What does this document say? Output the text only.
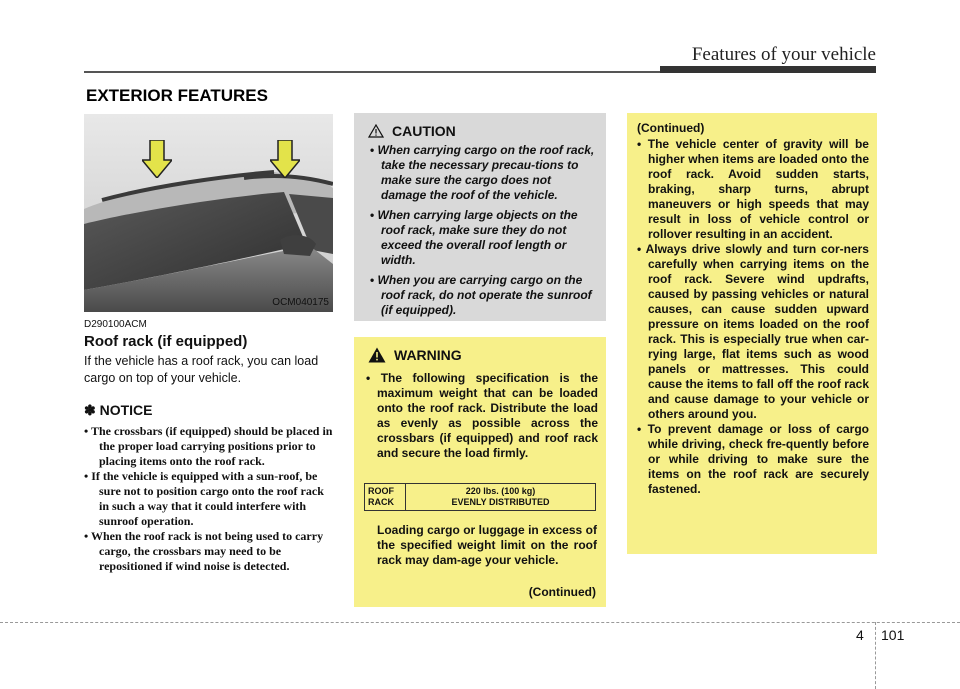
Features of your vehicle
EXTERIOR FEATURES
OCM040175
D290100ACM
Roof rack (if equipped)
If the vehicle has a roof rack, you can load cargo on top of your vehicle.
✽ NOTICE
• The crossbars (if equipped) should be placed in the proper load carrying positions prior to placing items onto the roof rack.
• If the vehicle is equipped with a sun-roof, be sure not to position cargo onto the roof rack in such a way that it could interfere with sunroof operation.
• When the roof rack is not being used to carry cargo, the crossbars may need to be repositioned if wind noise is detected.
CAUTION
• When carrying cargo on the roof rack, take the necessary precau-tions to make sure the cargo does not damage the roof of the vehicle.
• When carrying large objects on the roof rack, make sure they do not exceed the overall roof length or width.
• When you are carrying cargo on the roof rack, do not operate the sunroof (if equipped).
WARNING
• The following specification is the maximum weight that can be loaded onto the roof rack. Distribute the load as evenly as possible across the crossbars (if equipped) and roof rack and secure the load firmly.
ROOF
RACK

220 lbs. (100 kg)
EVENLY DISTRIBUTED
Loading cargo or luggage in excess of the specified weight limit on the roof rack may dam-age your vehicle.
(Continued)
(Continued)
• The vehicle center of gravity will be higher when items are loaded onto the roof rack. Avoid sudden starts, braking, sharp turns, abrupt maneuvers or high speeds that may result in loss of vehicle control or rollover resulting in an accident.
• Always drive slowly and turn cor-ners carefully when carrying items on the roof rack. Severe wind updrafts, caused by passing vehicles or natural causes, can cause sudden upward pressure on items loaded on the roof rack. This is especially true when car-rying large, flat items such as wood panels or mattresses. This could cause the items to fall off the roof rack and cause damage to your vehicle or others around you.
• To prevent damage or loss of cargo while driving, check fre-quently before or while driving to make sure the items on the roof rack are securely fastened.
4 101
